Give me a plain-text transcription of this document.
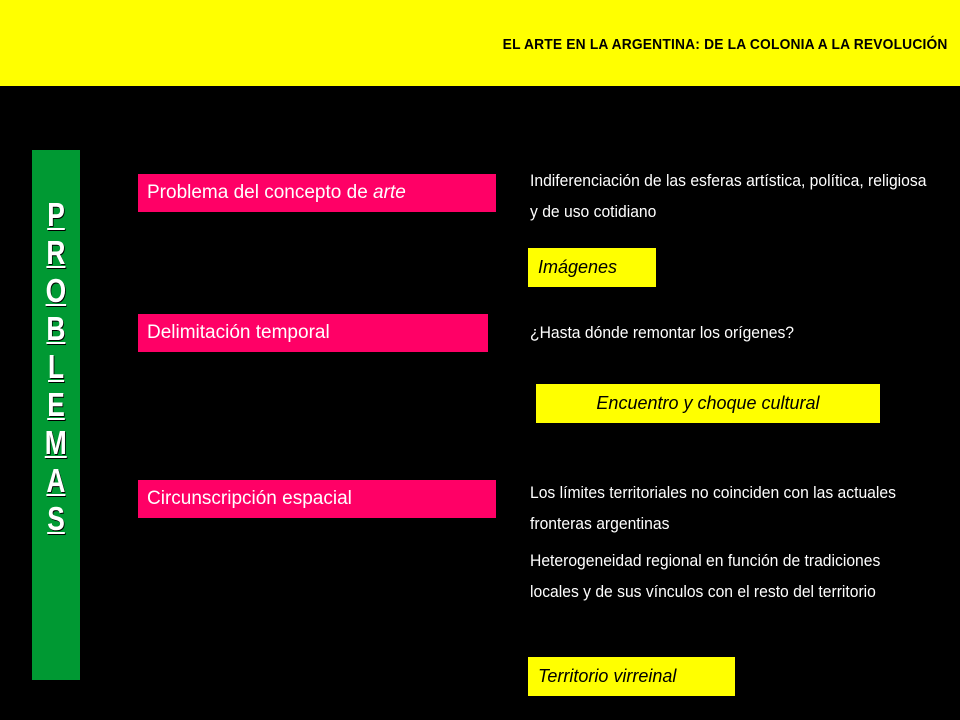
EL ARTE EN LA ARGENTINA: DE LA COLONIA A LA REVOLUCIÓN
P
R
O
B
L
E
M
A
S
Problema del concepto de arte
Indiferenciación de las esferas artística, política, religiosa y de uso cotidiano
Imágenes
Delimitación temporal	¿Hasta dónde remontar los orígenes?
Encuentro y choque cultural
Circunscripción espacial	Los límites territoriales no coinciden con las actuales fronteras argentinas
Heterogeneidad regional en función de tradiciones locales y de sus vínculos con el resto del territorio
Territorio virreinal
